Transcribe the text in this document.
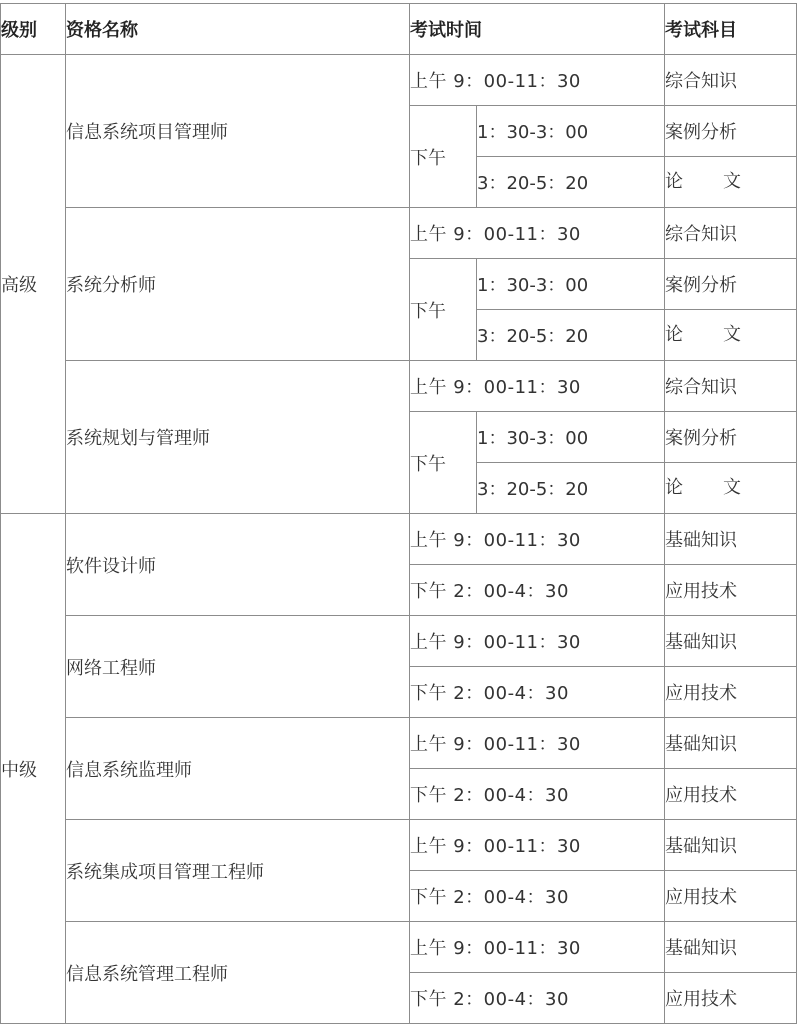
级别	资格名称	考试时间		考试科目
高级	信息系统项目管理师	上午 9：00-11：30		综合知识
		下午	1：30-3：00	案例分析
			3：20-5：20	论 文

	系统分析师	上午 9：00-11：30		综合知识
		下午	1：30-3：00	案例分析
			3：20-5：20	论 文

	系统规划与管理师	上午 9：00-11：30		综合知识
		下午	1：30-3：00	案例分析
			3：20-5：20	论 文

中级	软件设计师	上午 9：00-11：30		基础知识
		下午 2：00-4：30		应用技术
	网络工程师	上午 9：00-11：30		基础知识
		下午 2：00-4：30		应用技术
	信息系统监理师	上午 9：00-11：30		基础知识
		下午 2：00-4：30		应用技术
	系统集成项目管理工程师	上午 9：00-11：30		基础知识
		下午 2：00-4：30		应用技术
	信息系统管理工程师	上午 9：00-11：30		基础知识
		下午 2：00-4：30		应用技术
